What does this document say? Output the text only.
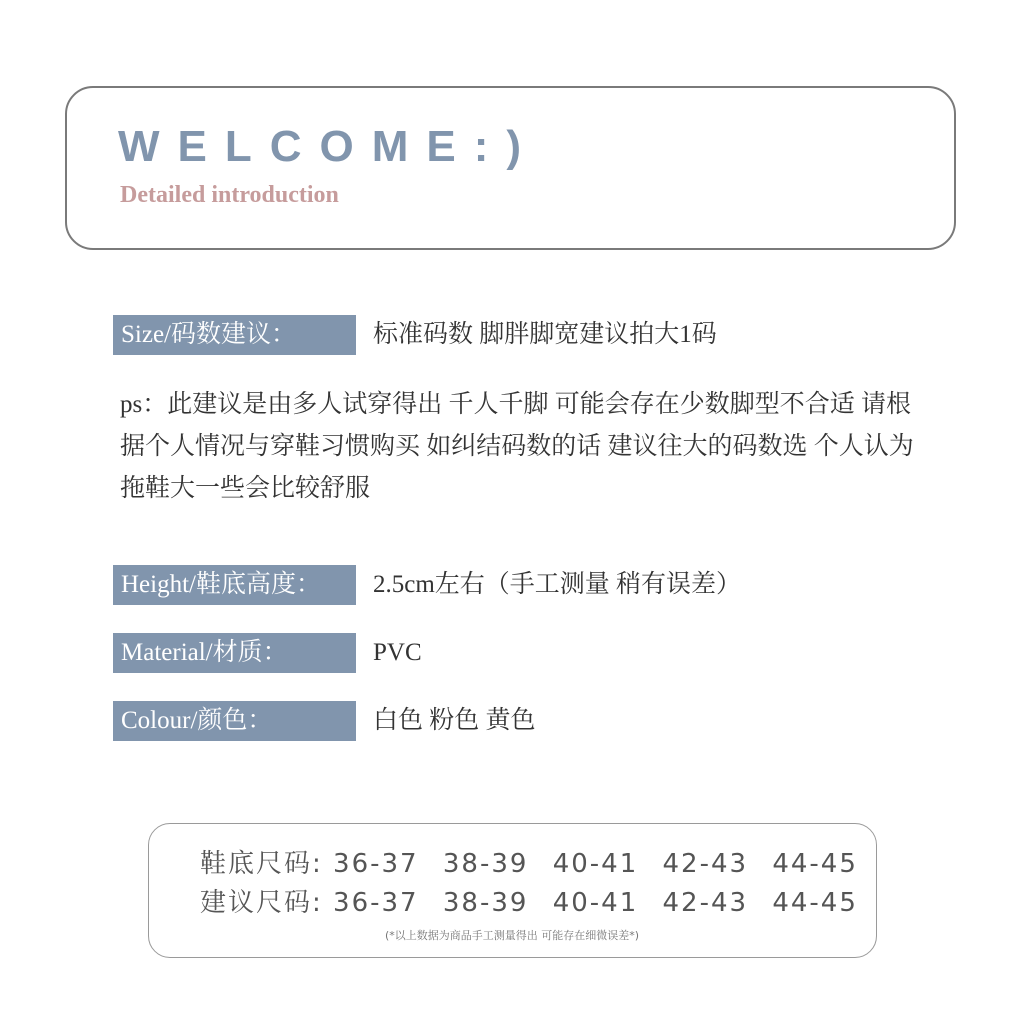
WELCOME:)
Detailed introduction
Size/码数建议：	标准码数 脚胖脚宽建议拍大1码
ps：此建议是由多人试穿得出 千人千脚 可能会存在少数脚型不合适 请根据个人情况与穿鞋习惯购买 如纠结码数的话 建议往大的码数选 个人认为拖鞋大一些会比较舒服
Height/鞋底高度：	2.5cm左右（手工测量 稍有误差）
Material/材质：	PVC
Colour/颜色：	白色 粉色 黄色
鞋底尺码: 36-37 38-39 40-41 42-43 44-45
建议尺码: 36-37 38-39 40-41 42-43 44-45
(*以上数据为商品手工测量得出 可能存在细微误差*)
